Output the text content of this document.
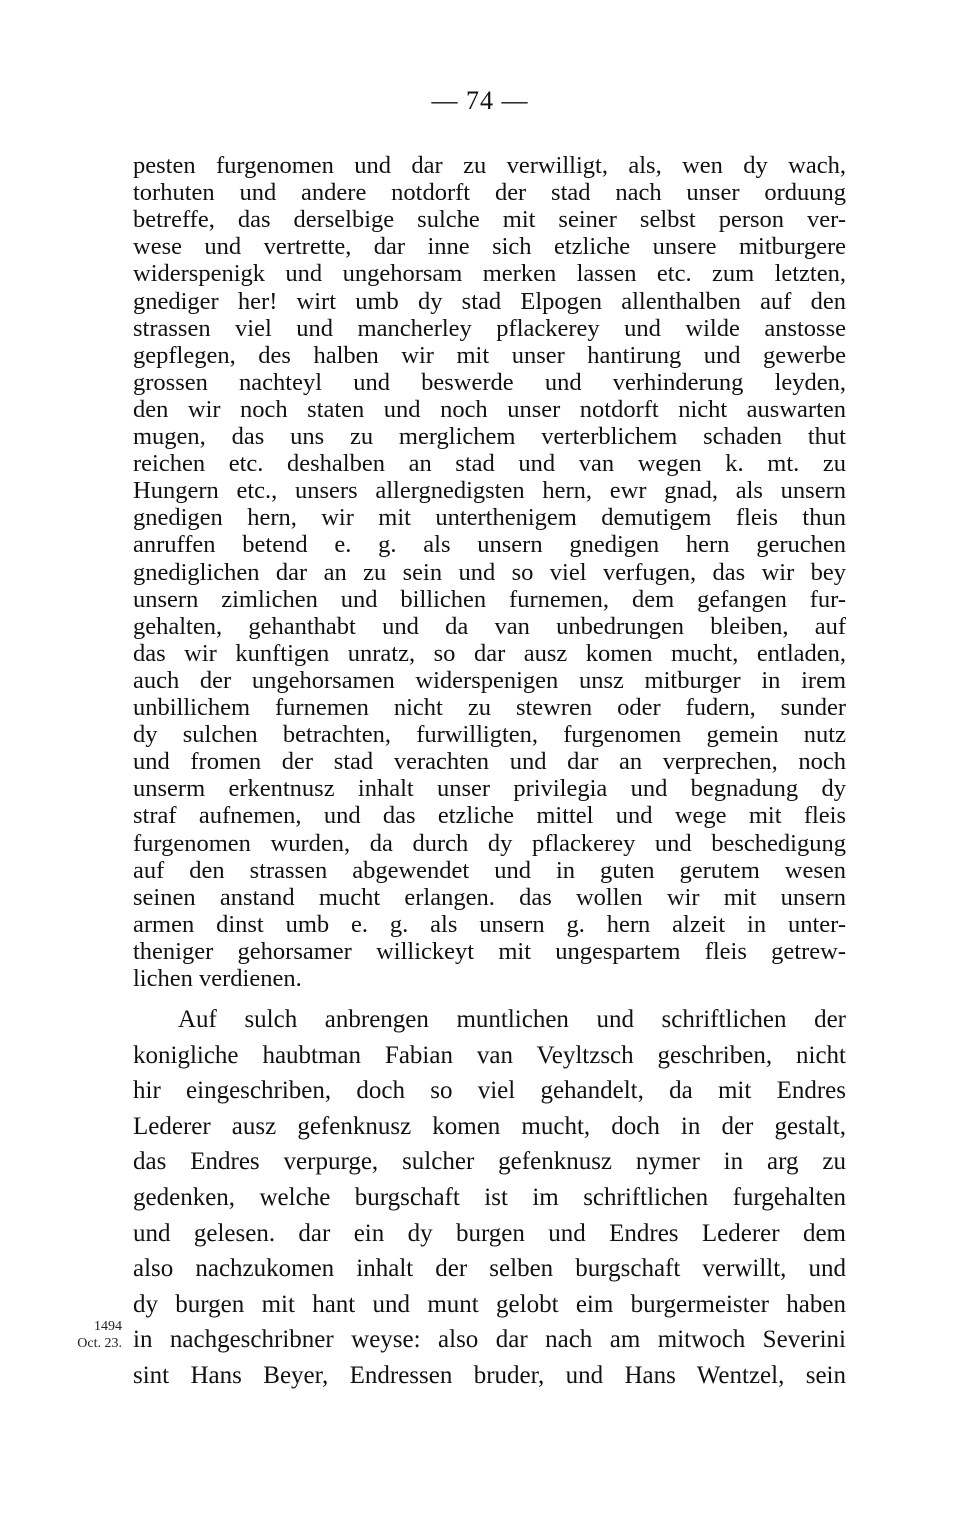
— 74 —
pesten furgenomen und dar zu verwilligt, als, wen dy wach,
torhuten und andere notdorft der stad nach unser orduung
betreffe, das derselbige sulche mit seiner selbst person ver-
wese und vertrette, dar inne sich etzliche unsere mitburgere
widerspenigk und ungehorsam merken lassen etc. zum letzten,
gnediger her! wirt umb dy stad Elpogen allenthalben auf den
strassen viel und mancherley pflackerey und wilde anstosse
gepflegen, des halben wir mit unser hantirung und gewerbe
grossen nachteyl und beswerde und verhinderung leyden,
den wir noch staten und noch unser notdorft nicht auswarten
mugen, das uns zu merglichem verterblichem schaden thut
reichen etc. deshalben an stad und van wegen k. mt. zu
Hungern etc., unsers allergnedigsten hern, ewr gnad, als unsern
gnedigen hern, wir mit unterthenigem demutigem fleis thun
anruffen betend e. g. als unsern gnedigen hern geruchen
gnediglichen dar an zu sein und so viel verfugen, das wir bey
unsern zimlichen und billichen furnemen, dem gefangen fur-
gehalten, gehanthabt und da van unbedrungen bleiben, auf
das wir kunftigen unratz, so dar ausz komen mucht, entladen,
auch der ungehorsamen widerspenigen unsz mitburger in irem
unbillichem furnemen nicht zu stewren oder fudern, sunder
dy sulchen betrachten, furwilligten, furgenomen gemein nutz
und fromen der stad verachten und dar an verprechen, noch
unserm erkentnusz inhalt unser privilegia und begnadung dy
straf aufnemen, und das etzliche mittel und wege mit fleis
furgenomen wurden, da durch dy pflackerey und beschedigung
auf den strassen abgewendet und in guten gerutem wesen
seinen anstand mucht erlangen. das wollen wir mit unsern
armen dinst umb e. g. als unsern g. hern alzeit in unter-
theniger gehorsamer willickeyt mit ungespartem fleis getrew-
lichen verdienen.
Auf sulch anbrengen muntlichen und schriftlichen der
konigliche haubtman Fabian van Veyltzsch geschriben, nicht
hir eingeschriben, doch so viel gehandelt, da mit Endres
Lederer ausz gefenknusz komen mucht, doch in der gestalt,
das Endres verpurge, sulcher gefenknusz nymer in arg zu
gedenken, welche burgschaft ist im schriftlichen furgehalten
und gelesen. dar ein dy burgen und Endres Lederer dem
also nachzukomen inhalt der selben burgschaft verwillt, und
dy burgen mit hant und munt gelobt eim burgermeister haben
in nachgeschribner weyse: also dar nach am mitwoch Severini
sint Hans Beyer, Endressen bruder, und Hans Wentzel, sein
1494
Oct. 23.
